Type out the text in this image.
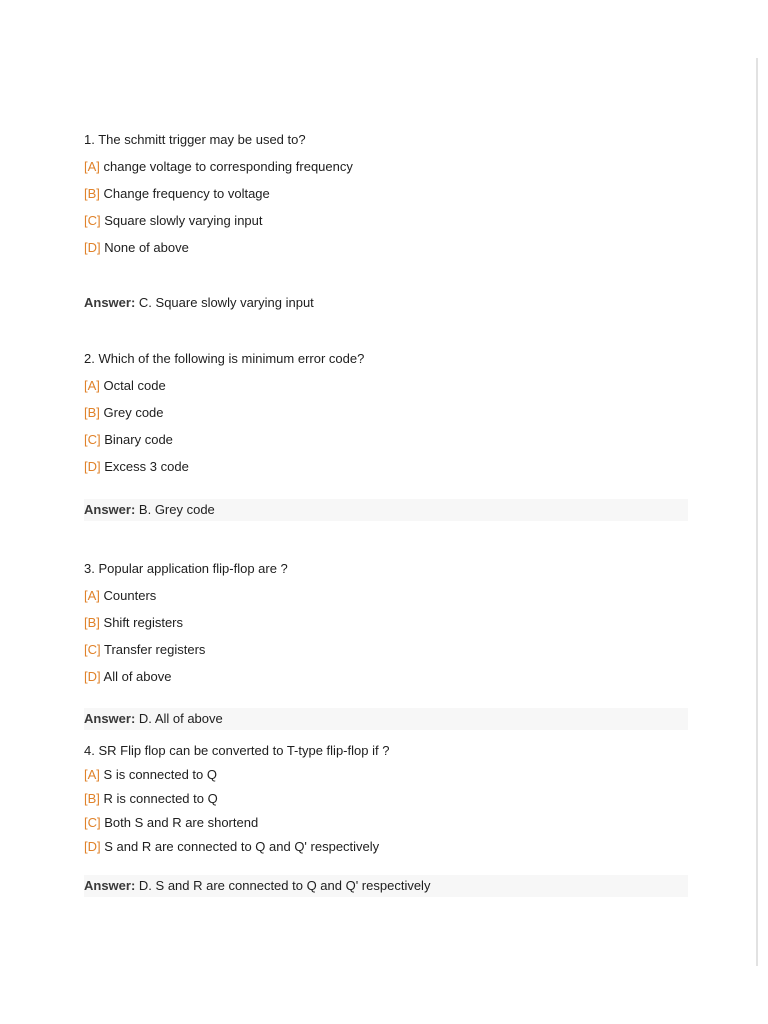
1. The schmitt trigger may be used to?
[A] change voltage to corresponding frequency
[B] Change frequency to voltage
[C] Square slowly varying input
[D] None of above
Answer: C. Square slowly varying input
2. Which of the following is minimum error code?
[A] Octal code
[B] Grey code
[C] Binary code
[D] Excess 3 code
Answer: B. Grey code
3. Popular application flip-flop are ?
[A] Counters
[B] Shift registers
[C] Transfer registers
[D] All of above
Answer: D. All of above
4. SR Flip flop can be converted to T-type flip-flop if ?
[A] S is connected to Q
[B] R is connected to Q
[C] Both S and R are shortend
[D] S and R are connected to Q and Q' respectively
Answer: D. S and R are connected to Q and Q' respectively
